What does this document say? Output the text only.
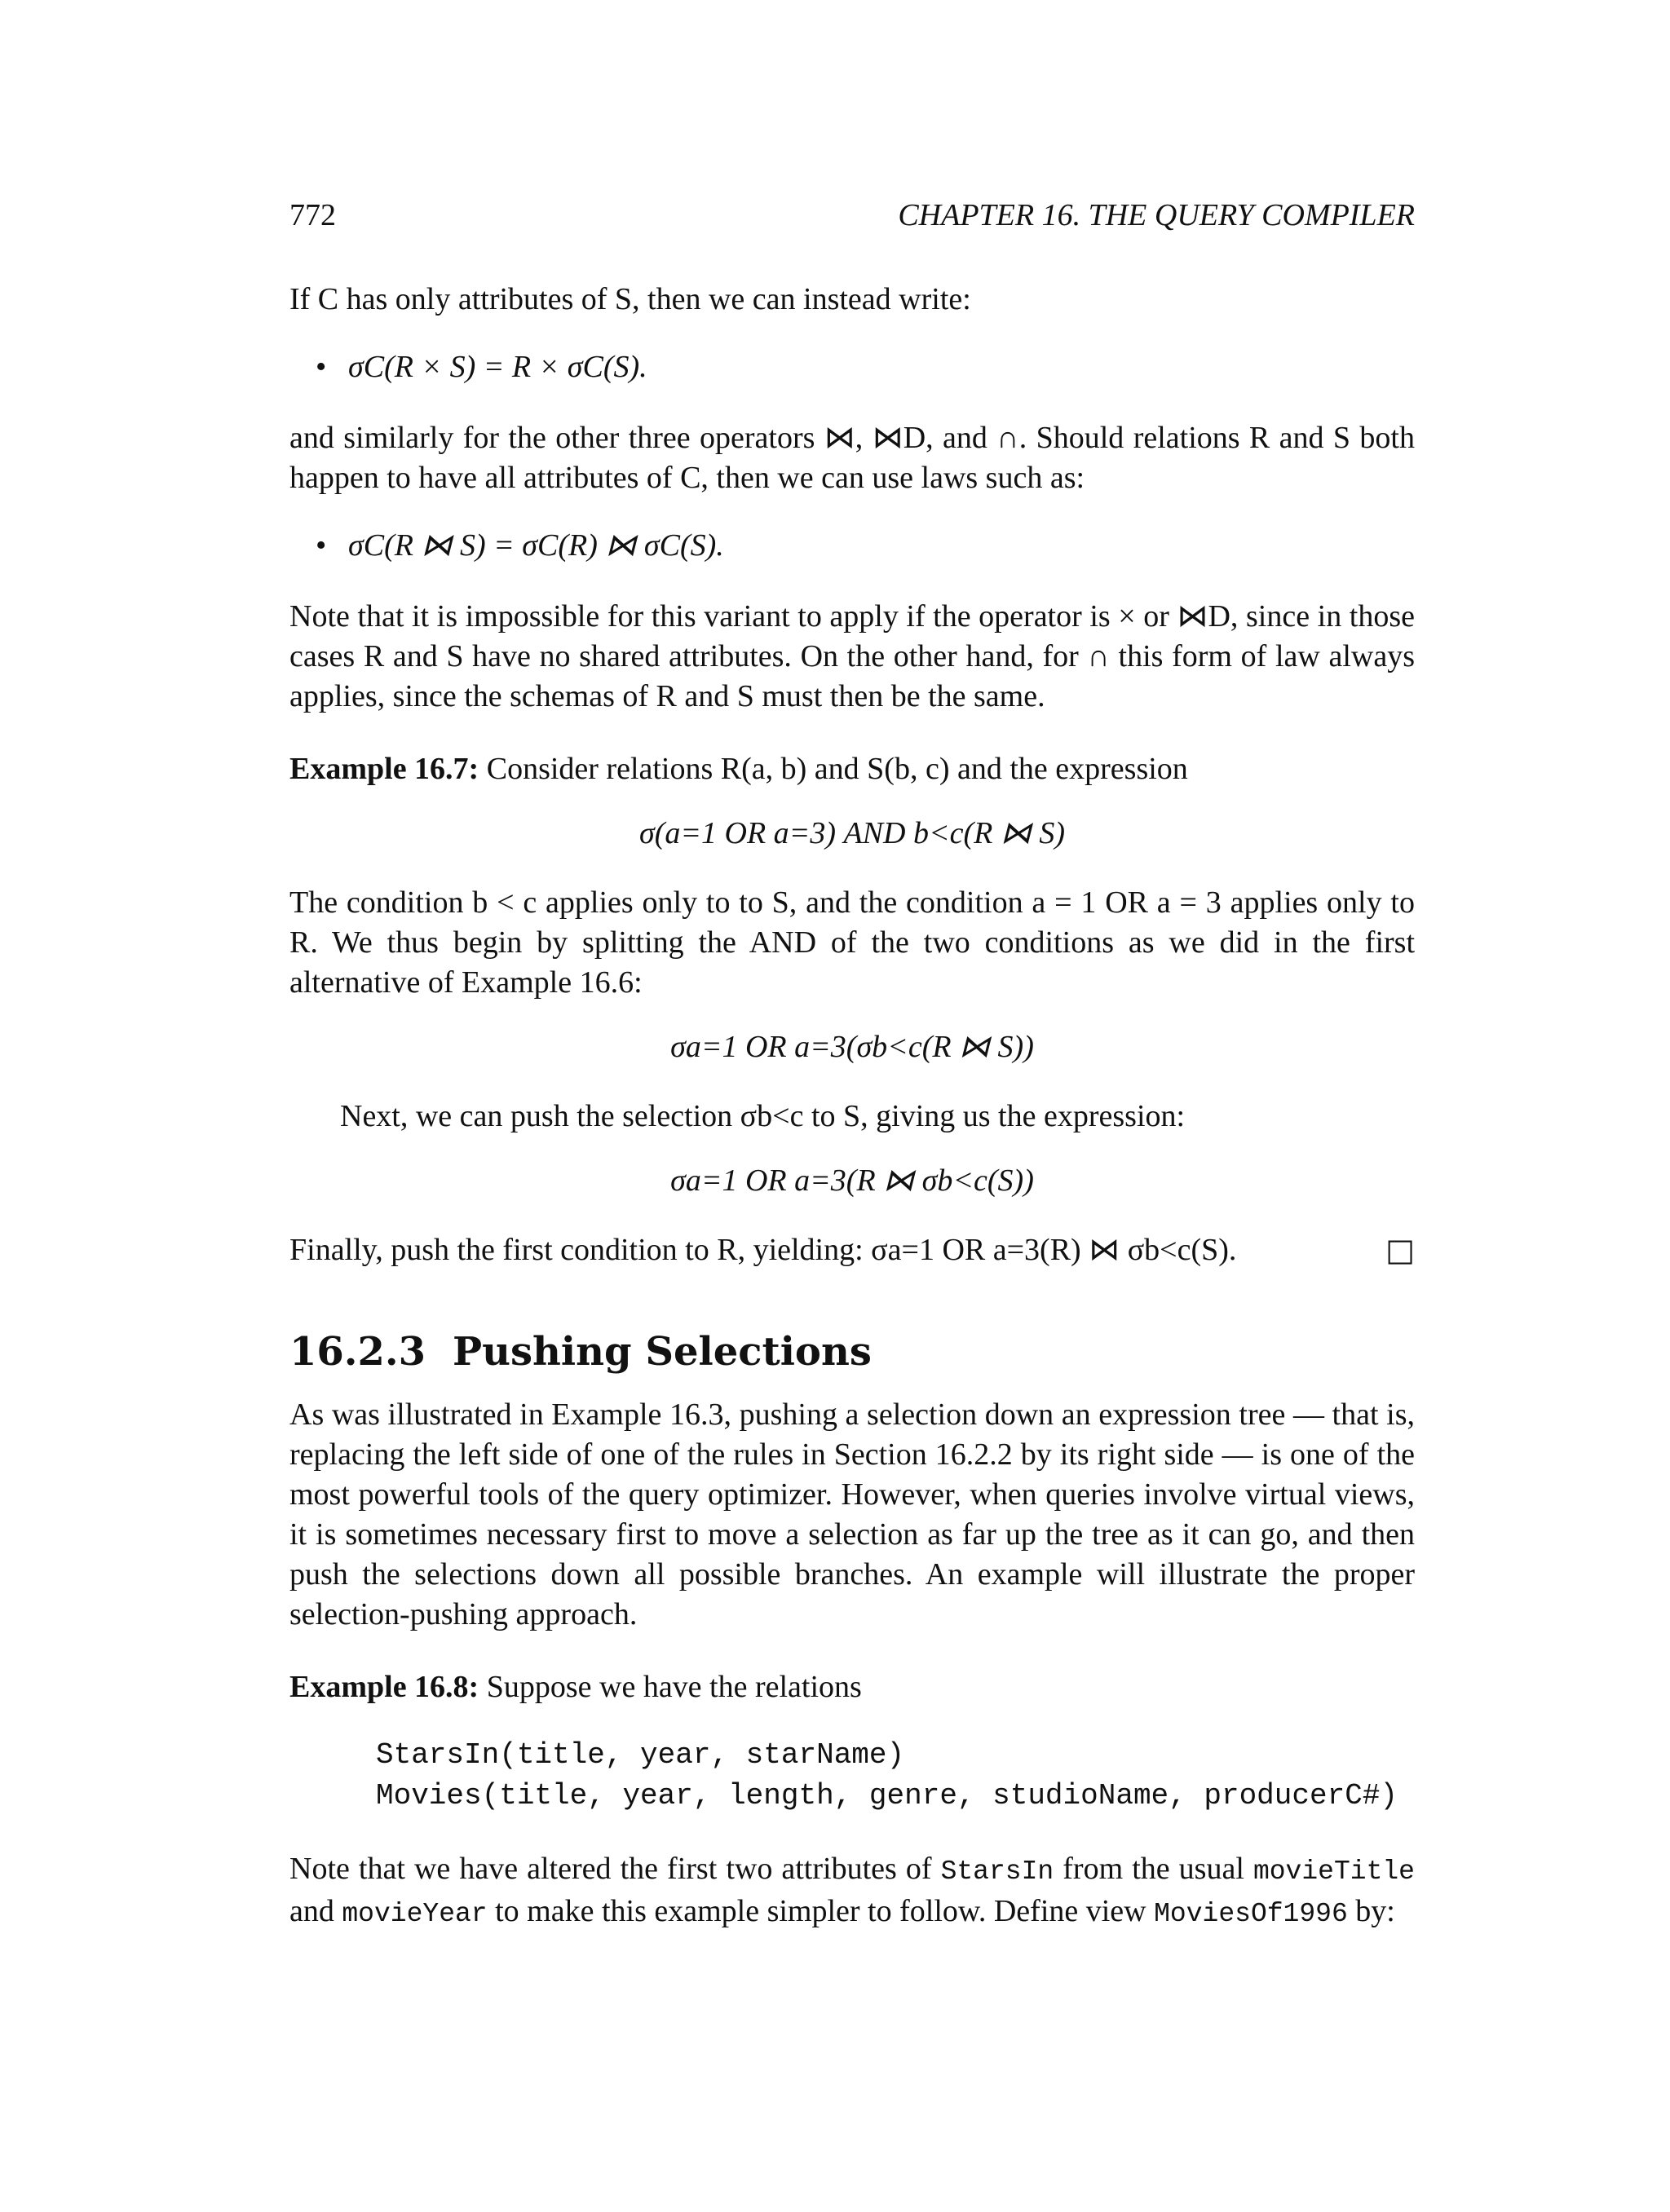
772	CHAPTER 16. THE QUERY COMPILER

If C has only attributes of S, then we can instead write:

• σC(R × S) = R × σC(S).

and similarly for the other three operators ⋈, ⋈D, and ∩. Should relations R and S both happen to have all attributes of C, then we can use laws such as:

• σC(R ⋈ S) = σC(R) ⋈ σC(S).

Note that it is impossible for this variant to apply if the operator is × or ⋈D, since in those cases R and S have no shared attributes. On the other hand, for ∩ this form of law always applies, since the schemas of R and S must then be the same.

Example 16.7: Consider relations R(a, b) and S(b, c) and the expression

σ(a=1 OR a=3) AND b<c(R ⋈ S)

The condition b < c applies only to to S, and the condition a = 1 OR a = 3 applies only to R. We thus begin by splitting the AND of the two conditions as we did in the first alternative of Example 16.6:

σa=1 OR a=3(σb<c(R ⋈ S))

Next, we can push the selection σb<c to S, giving us the expression:

σa=1 OR a=3(R ⋈ σb<c(S))

Finally, push the first condition to R, yielding: σa=1 OR a=3(R) ⋈ σb<c(S).	□

16.2.3 Pushing Selections

As was illustrated in Example 16.3, pushing a selection down an expression tree — that is, replacing the left side of one of the rules in Section 16.2.2 by its right side — is one of the most powerful tools of the query optimizer. However, when queries involve virtual views, it is sometimes necessary first to move a selection as far up the tree as it can go, and then push the selections down all possible branches. An example will illustrate the proper selection-pushing approach.

Example 16.8: Suppose we have the relations

StarsIn(title, year, starName)
Movies(title, year, length, genre, studioName, producerC#)

Note that we have altered the first two attributes of StarsIn from the usual movieTitle and movieYear to make this example simpler to follow. Define view MoviesOf1996 by:
